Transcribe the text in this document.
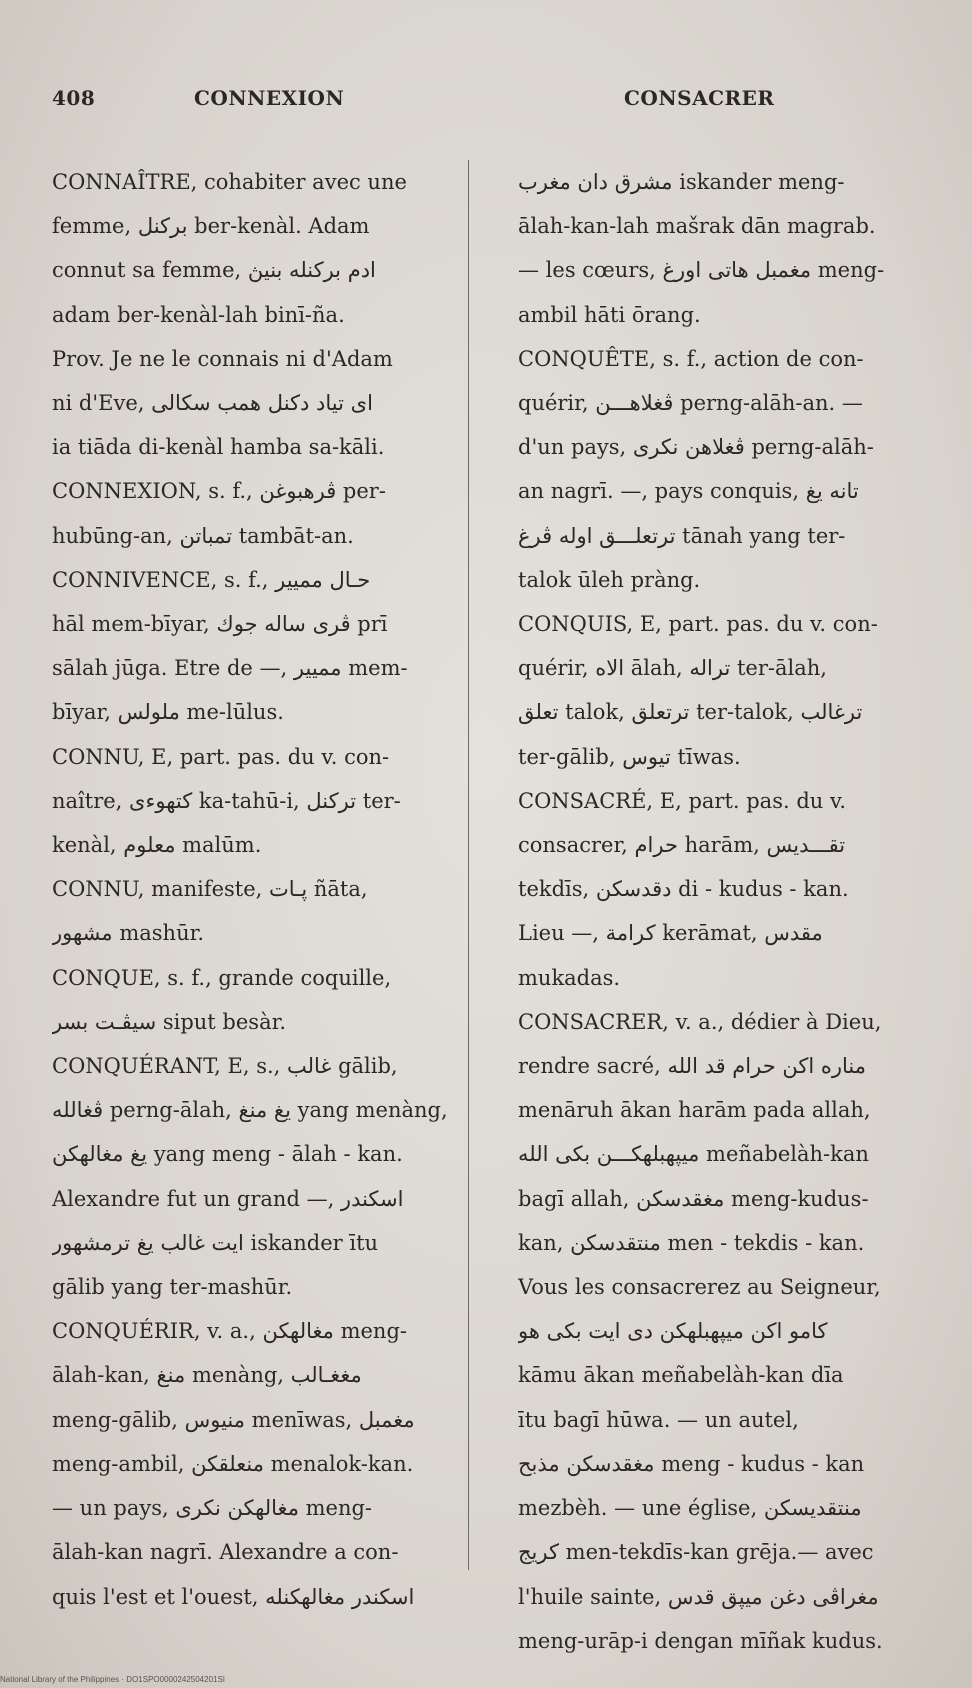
408	CONNEXION	CONSACRER
CONNAÎTRE, cohabiter avec une
femme, بركنل ber-kenàl. Adam
connut sa femme, ادم بركنله بنيڽ
adam ber-kenàl-lah binī-ña.
Prov. Je ne le connais ni d'Adam
ni d'Eve, اى تياد دكنل همب سكالى
ia tiāda di-kenàl hamba sa-kāli.
CONNEXION, s. f., ڤرهبوغن per-
hubūng-an, تمباتن tambāt-an.
CONNIVENCE, s. f., حـال مميير
hāl mem-bīyar, ڤرى ساله جوك prī
sālah jūga. Etre de —, مميير mem-
bīyar, ملولس me-lūlus.
CONNU, E, part. pas. du v. con-
naître, كتهوءى ka-tahū-i, تركنل ter-
kenàl, معلوم malūm.
CONNU, manifeste, ڽـات ñāta,
مشهور mashūr.
CONQUE, s. f., grande coquille,
سيڤـت بسر siput besàr.
CONQUÉRANT, E, s., غالب gālib,
ڤغالله perng-ālah, يغ منغ yang menàng,
يغ مغالهكن yang meng - ālah - kan.
Alexandre fut un grand —, اسكندر
ايت غالب يغ ترمشهور iskander ītu
gālib yang ter-mashūr.
CONQUÉRIR, v. a., مغالهكن meng-
ālah-kan, منغ menàng, مغغـالب
meng-gālib, منيوس menīwas, مغمبل
meng-ambil, منعلقكن menalok-kan.
— un pays, مغالهكن نكرى meng-
ālah-kan nagrī. Alexandre a con-
quis l'est et l'ouest, اسكندر مغالهكنله
مشرق دان مغرب iskander meng-
ālah-kan-lah mašrak dān magrab.
— les cœurs, مغمبل هاتى اورغ meng-
ambil hāti ōrang.
CONQUÊTE, s. f., action de con-
quérir, ڤغلاهـــن perng-alāh-an. —
d'un pays, ڤغلاهن نكرى perng-alāh-
an nagrī. —, pays conquis, تانه يغ
ترتعلـــق اوله ڤرغ tānah yang ter-
talok ūleh pràng.
CONQUIS, E, part. pas. du v. con-
quérir, الاه ālah, تراله ter-ālah,
تعلق talok, ترتعلق ter-talok, ترغالب
ter-gālib, تيوس tīwas.
CONSACRÉ, E, part. pas. du v.
consacrer, حرام harām, تقـــديس
tekdīs, دقدسكن di - kudus - kan.
Lieu —, كرامة kerāmat, مقدس
mukadas.
CONSACRER, v. a., dédier à Dieu,
rendre sacré, مناره اكن حرام قد الله
menāruh ākan harām pada allah,
ميڽهبلهكـــن بكى الله meñabelàh-kan
bagī allah, مغقدسكن meng-kudus-
kan, منتقدسكن men - tekdis - kan.
Vous les consacrerez au Seigneur,
كامو اكن ميڽهبلهكن دى ايت بكى هو
kāmu ākan meñabelàh-kan dīa
ītu bagī hūwa. — un autel,
مغقدسكن مذبح meng - kudus - kan
mezbèh. — une église, منتقديسكن
كريج men-tekdīs-kan grēja.— avec
l'huile sainte, مغراڤى دغن ميڽق قدس
meng-urāp-i dengan mīñak kudus.
National Library of the Philippines · DO1SPO0000242504201SI
